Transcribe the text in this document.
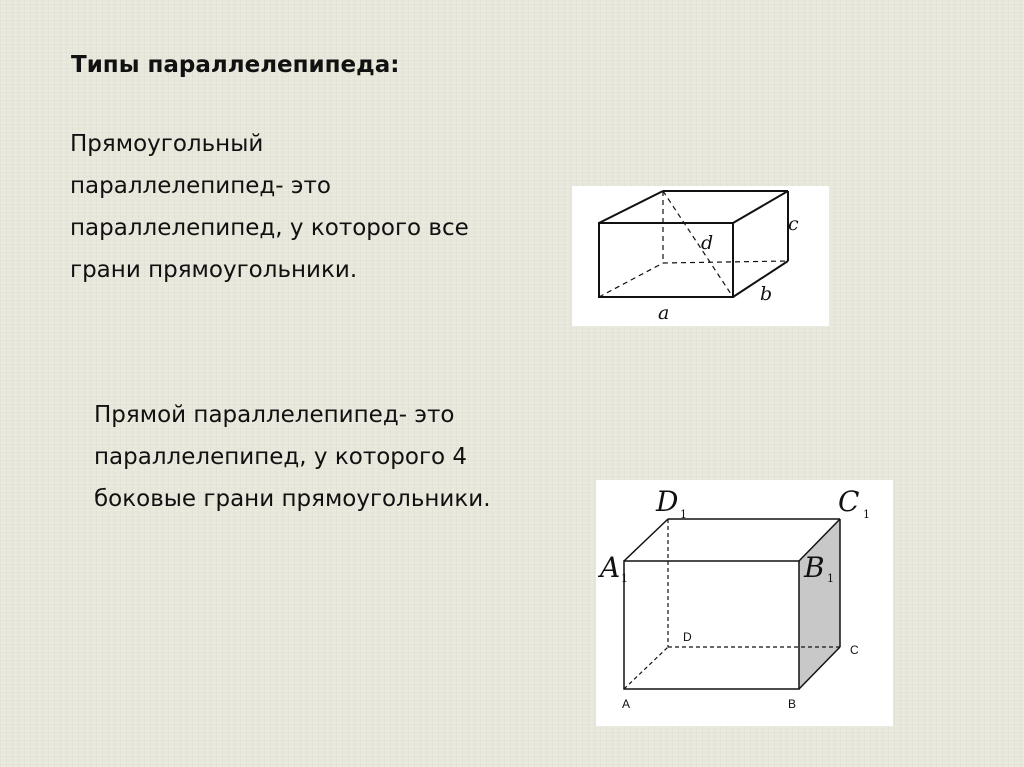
Типы параллелепипеда:

Прямоугольный
параллелепипед- это
параллелепипед, у которого все
грани прямоугольники.

a
b
c
d

Прямой параллелепипед- это
параллелепипед, у которого 4
боковые грани прямоугольники.	D	C
A	B
1	1
1	1
D
C
A	B
